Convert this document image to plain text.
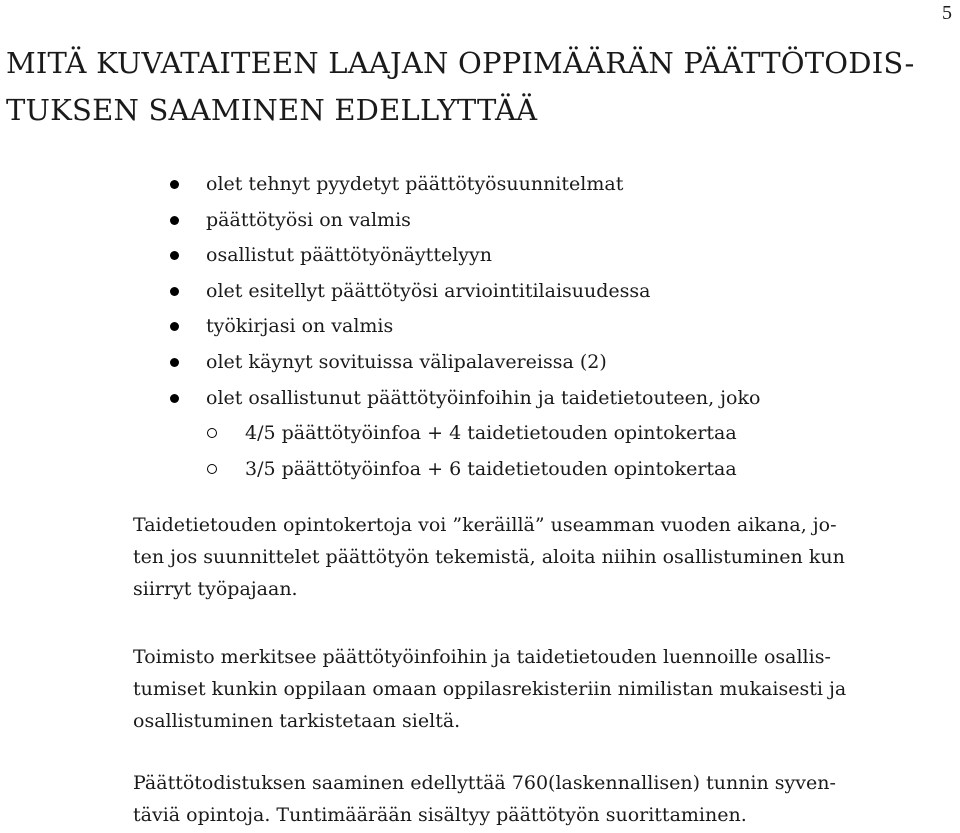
5
MITÄ KUVATAITEEN LAAJAN OPPIMÄÄRÄN PÄÄTTÖTODIS-
TUKSEN SAAMINEN EDELLYTTÄÄ
olet tehnyt pyydetyt päättötyösuunnitelmat
päättötyösi on valmis
osallistut päättötyönäyttelyyn
olet esitellyt päättötyösi arviointitilaisuudessa
työkirjasi on valmis
olet käynyt sovituissa välipalavereissa (2)
olet osallistunut päättötyöinfoihin ja taidetietouteen, joko
4/5 päättötyöinfoa + 4 taidetietouden opintokertaa
3/5 päättötyöinfoa + 6 taidetietouden opintokertaa

Taidetietouden opintokertoja voi ”keräillä” useamman vuoden aikana, jo-
ten jos suunnittelet päättötyön tekemistä, aloita niihin osallistuminen kun
siirryt työpajaan.

Toimisto merkitsee päättötyöinfoihin ja taidetietouden luennoille osallis-
tumiset kunkin oppilaan omaan oppilasrekisteriin nimilistan mukaisesti ja
osallistuminen tarkistetaan sieltä.

Päättötodistuksen saaminen edellyttää 760(laskennallisen) tunnin syven-
täviä opintoja. Tuntimäärään sisältyy päättötyön suorittaminen.
